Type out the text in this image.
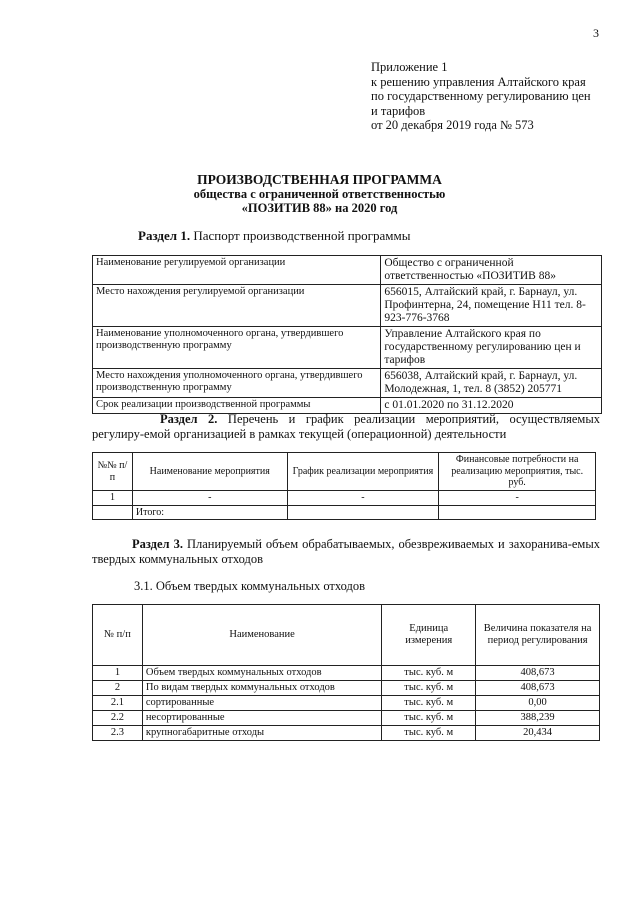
3
Приложение 1
к решению управления Алтайского края
по государственному регулированию цен
и тарифов
от 20 декабря 2019 года № 573
ПРОИЗВОДСТВЕННАЯ ПРОГРАММА
общества с ограниченной ответственностью
«ПОЗИТИВ 88» на 2020 год
Раздел 1. Паспорт производственной программы
Наименование регулируемой организации	Общество с ограниченной ответственностью «ПОЗИТИВ 88»
Место нахождения регулируемой организации	656015, Алтайский край, г. Барнаул, ул. Профинтерна, 24, помещение Н11 тел. 8-923-776-3768
Наименование уполномоченного органа, утвердившего производственную программу	Управление Алтайского края по государственному регулированию цен и тарифов
Место нахождения уполномоченного органа, утвердившего производственную программу	656038, Алтайский край, г. Барнаул, ул. Молодежная, 1, тел. 8 (3852) 205771
Срок реализации производственной программы	с 01.01.2020 по 31.12.2020
Раздел 2. Перечень и график реализации мероприятий, осуществляемых регулиру-емой организацией в рамках текущей (операционной) деятельности
№№ п/п	Наименование мероприятия	График реализации мероприятия	Финансовые потребности на реализацию мероприятия, тыс. руб.
1	-	-	-
	Итого:		
Раздел 3. Планируемый объем обрабатываемых, обезвреживаемых и захоранива-емых твердых коммунальных отходов
3.1. Объем твердых коммунальных отходов
№ п/п	Наименование	Единица измерения	Величина показателя на период регулирования
1	Объем твердых коммунальных отходов	тыс. куб. м	408,673
2	По видам твердых коммунальных отходов	тыс. куб. м	408,673
2.1	сортированные	тыс. куб. м	0,00
2.2	несортированные	тыс. куб. м	388,239
2.3	крупногабаритные отходы	тыс. куб. м	20,434
